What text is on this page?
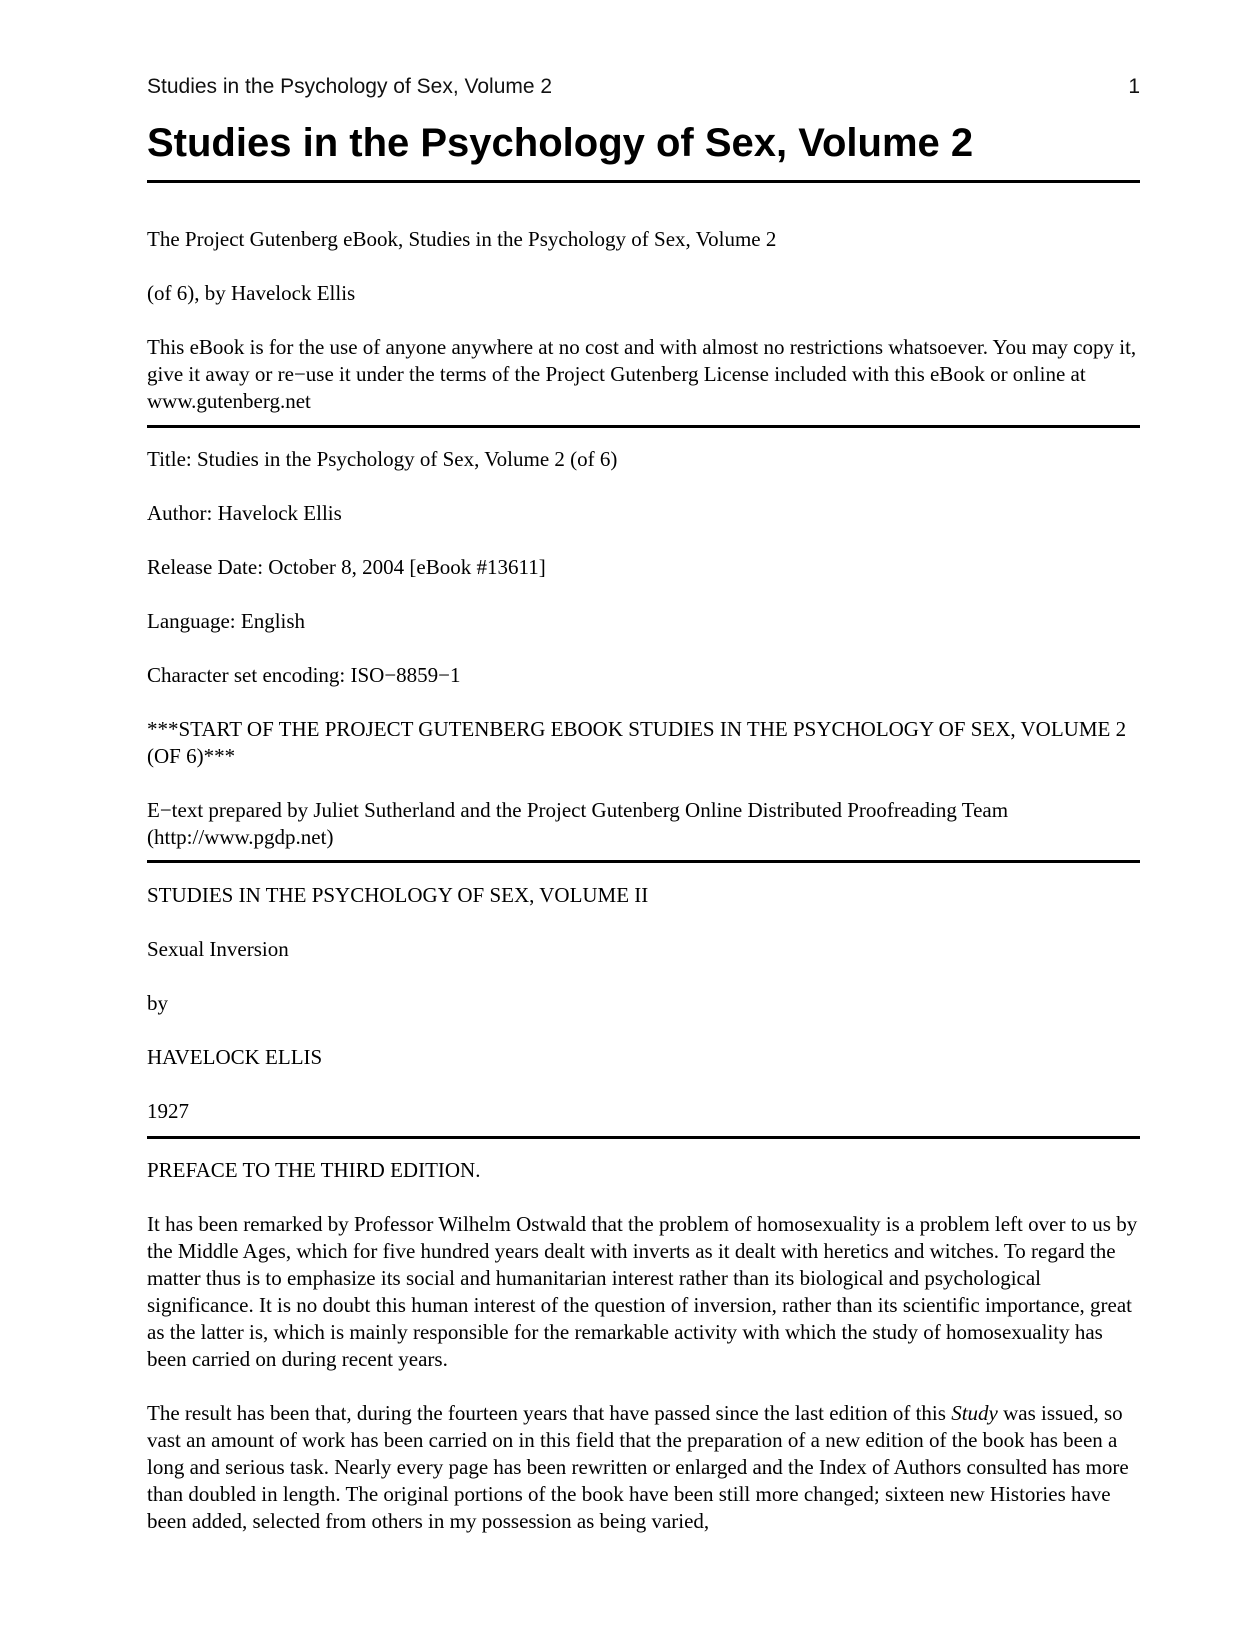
Studies in the Psychology of Sex, Volume 2	1
Studies in the Psychology of Sex, Volume 2

The Project Gutenberg eBook, Studies in the Psychology of Sex, Volume 2

(of 6), by Havelock Ellis

This eBook is for the use of anyone anywhere at no cost and with almost no restrictions whatsoever. You may copy it, give it away or re−use it under the terms of the Project Gutenberg License included with this eBook or online at www.gutenberg.net

Title: Studies in the Psychology of Sex, Volume 2 (of 6)

Author: Havelock Ellis

Release Date: October 8, 2004 [eBook #13611]

Language: English

Character set encoding: ISO−8859−1

***START OF THE PROJECT GUTENBERG EBOOK STUDIES IN THE PSYCHOLOGY OF SEX, VOLUME 2 (OF 6)***

E−text prepared by Juliet Sutherland and the Project Gutenberg Online Distributed Proofreading Team (http://www.pgdp.net)

STUDIES IN THE PSYCHOLOGY OF SEX, VOLUME II

Sexual Inversion

by

HAVELOCK ELLIS

1927

PREFACE TO THE THIRD EDITION.

It has been remarked by Professor Wilhelm Ostwald that the problem of homosexuality is a problem left over to us by the Middle Ages, which for five hundred years dealt with inverts as it dealt with heretics and witches. To regard the matter thus is to emphasize its social and humanitarian interest rather than its biological and psychological significance. It is no doubt this human interest of the question of inversion, rather than its scientific importance, great as the latter is, which is mainly responsible for the remarkable activity with which the study of homosexuality has been carried on during recent years.

The result has been that, during the fourteen years that have passed since the last edition of this Study was issued, so vast an amount of work has been carried on in this field that the preparation of a new edition of the book has been a long and serious task. Nearly every page has been rewritten or enlarged and the Index of Authors consulted has more than doubled in length. The original portions of the book have been still more changed; sixteen new Histories have been added, selected from others in my possession as being varied,
